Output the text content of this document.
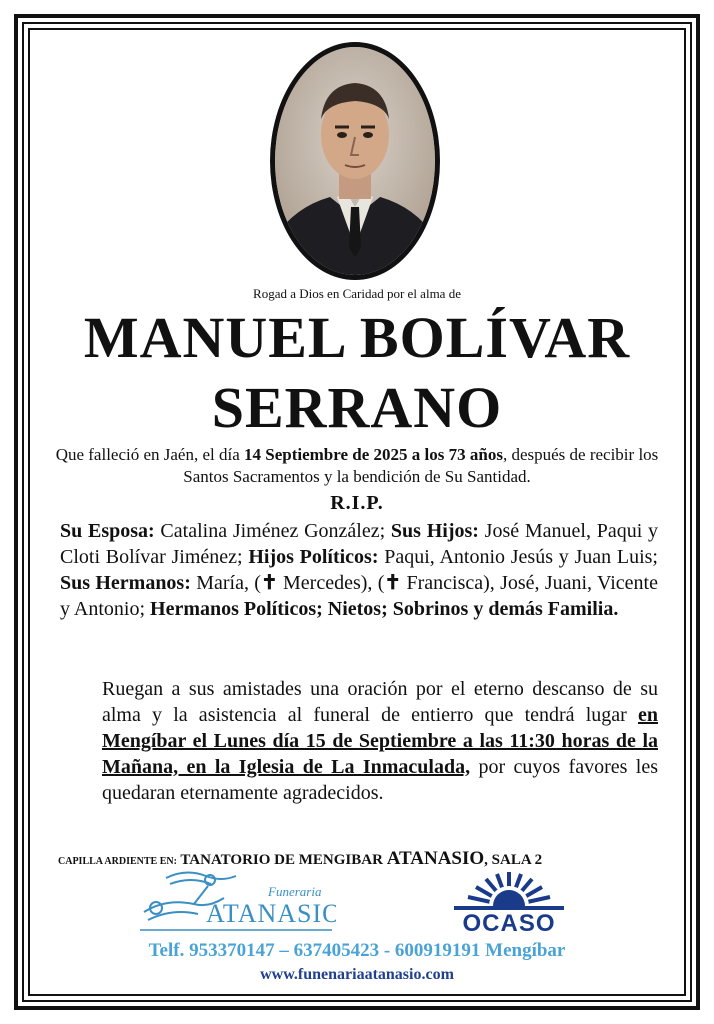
Rogad a Dios en Caridad por el alma de
MANUEL BOLÍVAR
SERRANO
Que falleció en Jaén, el día 14 Septiembre de 2025 a los 73 años, después de recibir los Santos Sacramentos y la bendición de Su Santidad.
R.I.P.
Su Esposa: Catalina Jiménez González; Sus Hijos: José Manuel, Paqui y Cloti Bolívar Jiménez; Hijos Políticos: Paqui, Antonio Jesús y Juan Luis; Sus Hermanos: María, (✝ Mercedes), (✝ Francisca), José, Juani, Vicente y Antonio; Hermanos Políticos; Nietos; Sobrinos y demás Familia.
Ruegan a sus amistades una oración por el eterno descanso de su alma y la asistencia al funeral de entierro que tendrá lugar en Mengíbar el Lunes día 15 de Septiembre a las 11:30 horas de la Mañana, en la Iglesia de La Inmaculada, por cuyos favores les quedaran eternamente agradecidos.
CAPILLA ARDIENTE EN: TANATORIO DE MENGIBAR ATANASIO, SALA 2
Funeraria
ATANASIO	OCASO
Telf. 953370147 – 637405423 - 600919191 Mengíbar
www.funenariaatanasio.com
